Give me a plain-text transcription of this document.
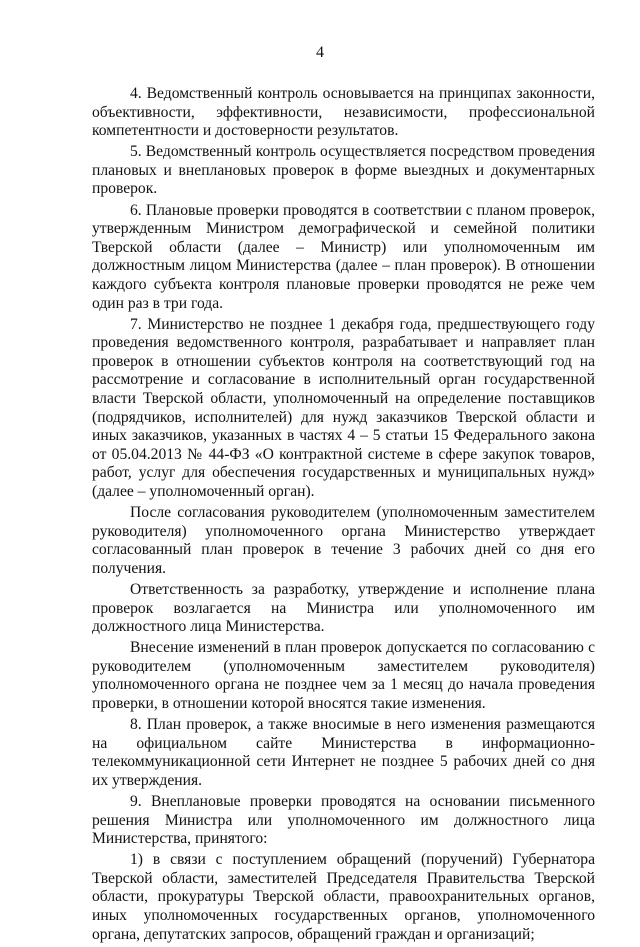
4

4. Ведомственный контроль основывается на принципах законности, объективности, эффективности, независимости, профессиональной компетентности и достоверности результатов.

5. Ведомственный контроль осуществляется посредством проведения плановых и внеплановых проверок в форме выездных и документарных проверок.

6. Плановые проверки проводятся в соответствии с планом проверок, утвержденным Министром демографической и семейной политики Тверской области (далее – Министр) или уполномоченным им должностным лицом Министерства (далее – план проверок). В отношении каждого субъекта контроля плановые проверки проводятся не реже чем один раз в три года.

7. Министерство не позднее 1 декабря года, предшествующего году проведения ведомственного контроля, разрабатывает и направляет план проверок в отношении субъектов контроля на соответствующий год на рассмотрение и согласование в исполнительный орган государственной власти Тверской области, уполномоченный на определение поставщиков (подрядчиков, исполнителей) для нужд заказчиков Тверской области и иных заказчиков, указанных в частях 4 – 5 статьи 15 Федерального закона от 05.04.2013 № 44-ФЗ «О контрактной системе в сфере закупок товаров, работ, услуг для обеспечения государственных и муниципальных нужд» (далее – уполномоченный орган).

После согласования руководителем (уполномоченным заместителем руководителя) уполномоченного органа Министерство утверждает согласованный план проверок в течение 3 рабочих дней со дня его получения.

Ответственность за разработку, утверждение и исполнение плана проверок возлагается на Министра или уполномоченного им должностного лица Министерства.

Внесение изменений в план проверок допускается по согласованию с руководителем (уполномоченным заместителем руководителя) уполномоченного органа не позднее чем за 1 месяц до начала проведения проверки, в отношении которой вносятся такие изменения.

8. План проверок, а также вносимые в него изменения размещаются на официальном сайте Министерства в информационно-телекоммуникационной сети Интернет не позднее 5 рабочих дней со дня их утверждения.

9. Внеплановые проверки проводятся на основании письменного решения Министра или уполномоченного им должностного лица Министерства, принятого:

1) в связи с поступлением обращений (поручений) Губернатора Тверской области, заместителей Председателя Правительства Тверской области, прокуратуры Тверской области, правоохранительных органов, иных уполномоченных государственных органов, уполномоченного органа, депутатских запросов, обращений граждан и организаций;
